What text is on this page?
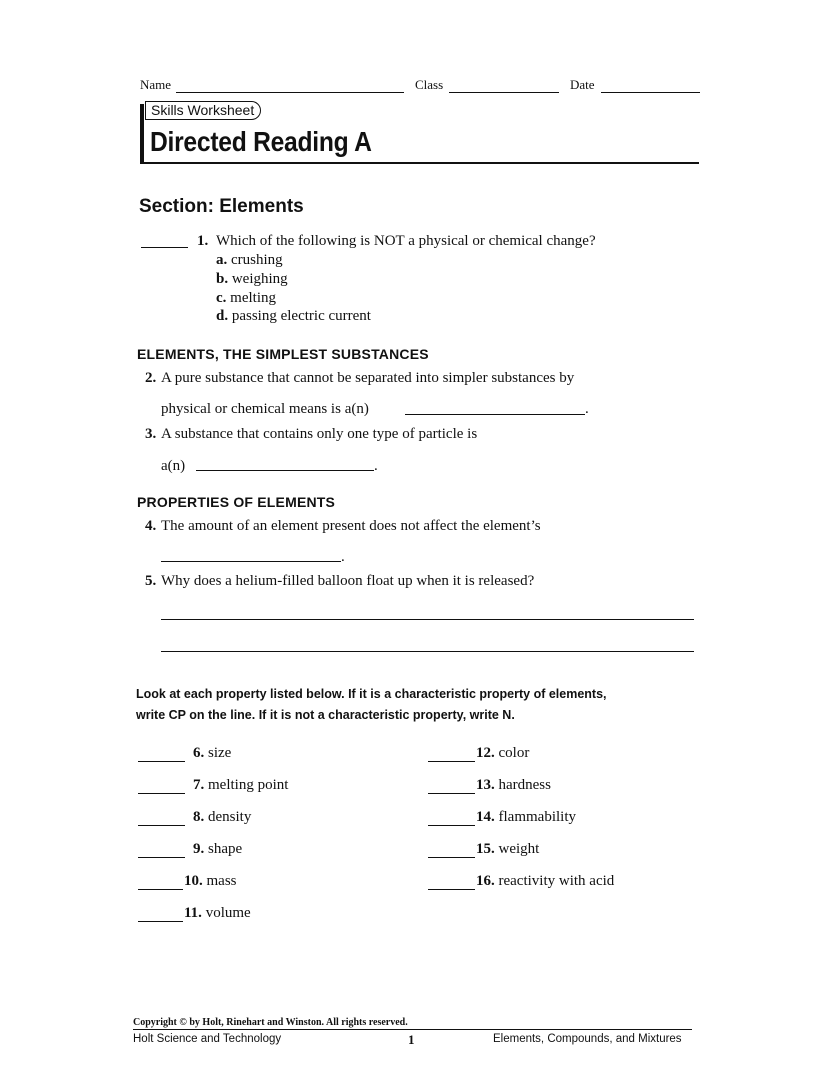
Name	Class	Date
Skills Worksheet
Directed Reading A
Section: Elements
1. Which of the following is NOT a physical or chemical change?
a. crushing
b. weighing
c. melting
d. passing electric current
ELEMENTS, THE SIMPLEST SUBSTANCES
2. A pure substance that cannot be separated into simpler substances by
physical or chemical means is a(n)	.
3. A substance that contains only one type of particle is
a(n)	.
PROPERTIES OF ELEMENTS
4. The amount of an element present does not affect the element’s
.
5. Why does a helium-filled balloon float up when it is released?
Look at each property listed below. If it is a characteristic property of elements,
write CP on the line. If it is not a characteristic property, write N.
6. size
7. melting point
8. density
9. shape
10. mass
11. volume
12. color
13. hardness
14. flammability
15. weight
16. reactivity with acid
Copyright © by Holt, Rinehart and Winston. All rights reserved.
Holt Science and Technology	1	Elements, Compounds, and Mixtures
